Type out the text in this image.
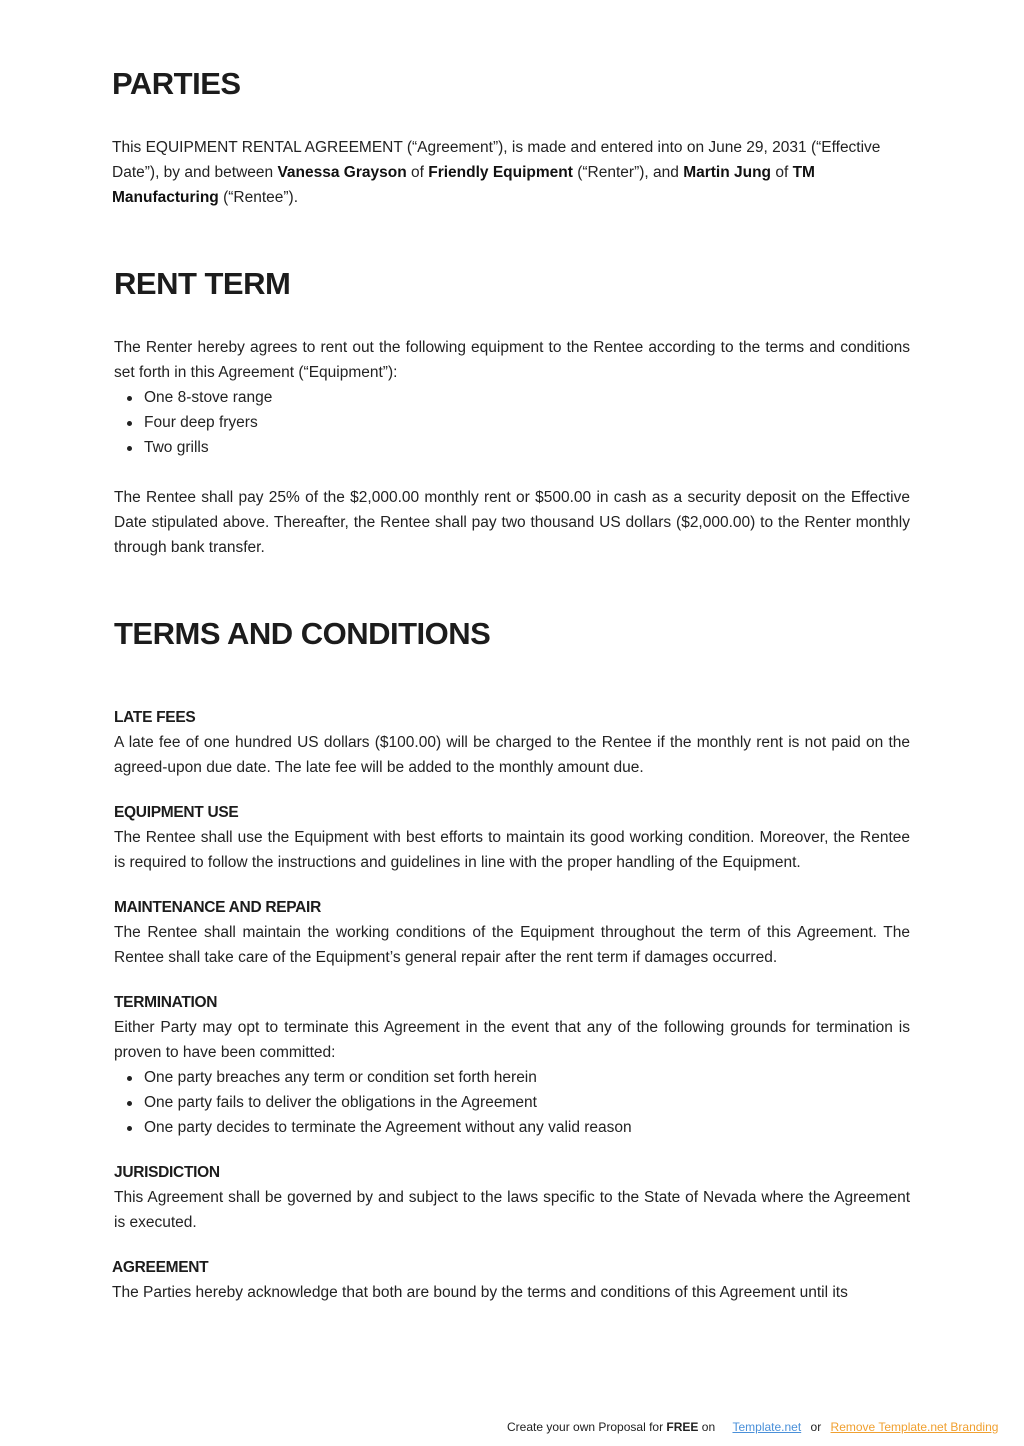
PARTIES

This EQUIPMENT RENTAL AGREEMENT (“Agreement”), is made and entered into on June 29, 2031 (“Effective Date”), by and between Vanessa Grayson of Friendly Equipment (“Renter”), and Martin Jung of TM Manufacturing (“Rentee”).

RENT TERM

The Renter hereby agrees to rent out the following equipment to the Rentee according to the terms and conditions set forth in this Agreement (“Equipment”):

One 8-stove range
Four deep fryers
Two grills

The Rentee shall pay 25% of the $2,000.00 monthly rent or $500.00 in cash as a security deposit on the Effective Date stipulated above. Thereafter, the Rentee shall pay two thousand US dollars ($2,000.00) to the Renter monthly through bank transfer.

TERMS AND CONDITIONS
LATE FEES

A late fee of one hundred US dollars ($100.00) will be charged to the Rentee if the monthly rent is not paid on the agreed-upon due date. The late fee will be added to the monthly amount due.

EQUIPMENT USE

The Rentee shall use the Equipment with best efforts to maintain its good working condition. Moreover, the Rentee is required to follow the instructions and guidelines in line with the proper handling of the Equipment.

MAINTENANCE AND REPAIR

The Rentee shall maintain the working conditions of the Equipment throughout the term of this Agreement. The Rentee shall take care of the Equipment’s general repair after the rent term if damages occurred.

TERMINATION

Either Party may opt to terminate this Agreement in the event that any of the following grounds for termination is proven to have been committed:

One party breaches any term or condition set forth herein
One party fails to deliver the obligations in the Agreement
One party decides to terminate the Agreement without any valid reason
JURISDICTION

This Agreement shall be governed by and subject to the laws specific to the State of Nevada where the Agreement is executed.

AGREEMENT

The Parties hereby acknowledge that both are bound by the terms and conditions of this Agreement until its

Create your own Proposal for FREE on Template.net or Remove Template.net Branding
